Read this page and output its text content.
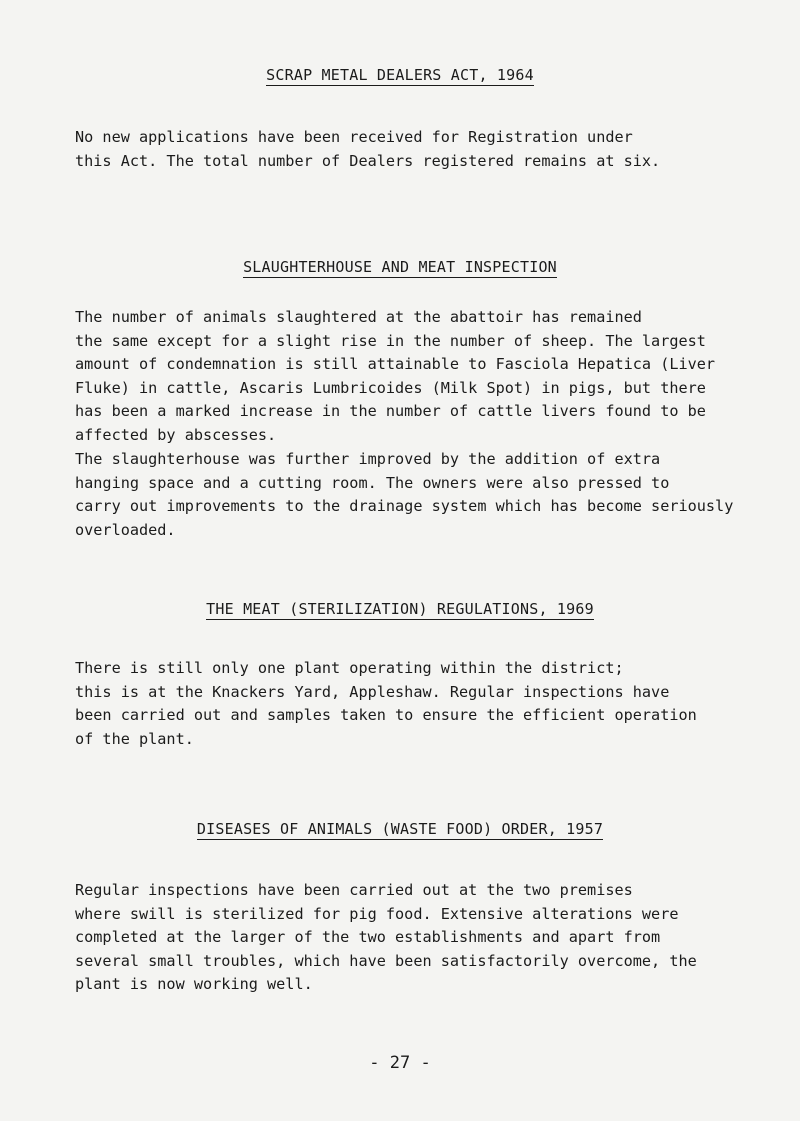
SCRAP METAL DEALERS ACT, 1964
No new applications have been received for Registration under
this Act. The total number of Dealers registered remains at six.
SLAUGHTERHOUSE AND MEAT INSPECTION
The number of animals slaughtered at the abattoir has remained
the same except for a slight rise in the number of sheep. The largest
amount of condemnation is still attainable to Fasciola Hepatica (Liver
Fluke) in cattle, Ascaris Lumbricoides (Milk Spot) in pigs, but there
has been a marked increase in the number of cattle livers found to be
affected by abscesses.
The slaughterhouse was further improved by the addition of extra
hanging space and a cutting room. The owners were also pressed to
carry out improvements to the drainage system which has become seriously
overloaded.
THE MEAT (STERILIZATION) REGULATIONS, 1969
There is still only one plant operating within the district;
this is at the Knackers Yard, Appleshaw. Regular inspections have
been carried out and samples taken to ensure the efficient operation
of the plant.
DISEASES OF ANIMALS (WASTE FOOD) ORDER, 1957
Regular inspections have been carried out at the two premises
where swill is sterilized for pig food. Extensive alterations were
completed at the larger of the two establishments and apart from
several small troubles, which have been satisfactorily overcome, the
plant is now working well.
- 27 -
